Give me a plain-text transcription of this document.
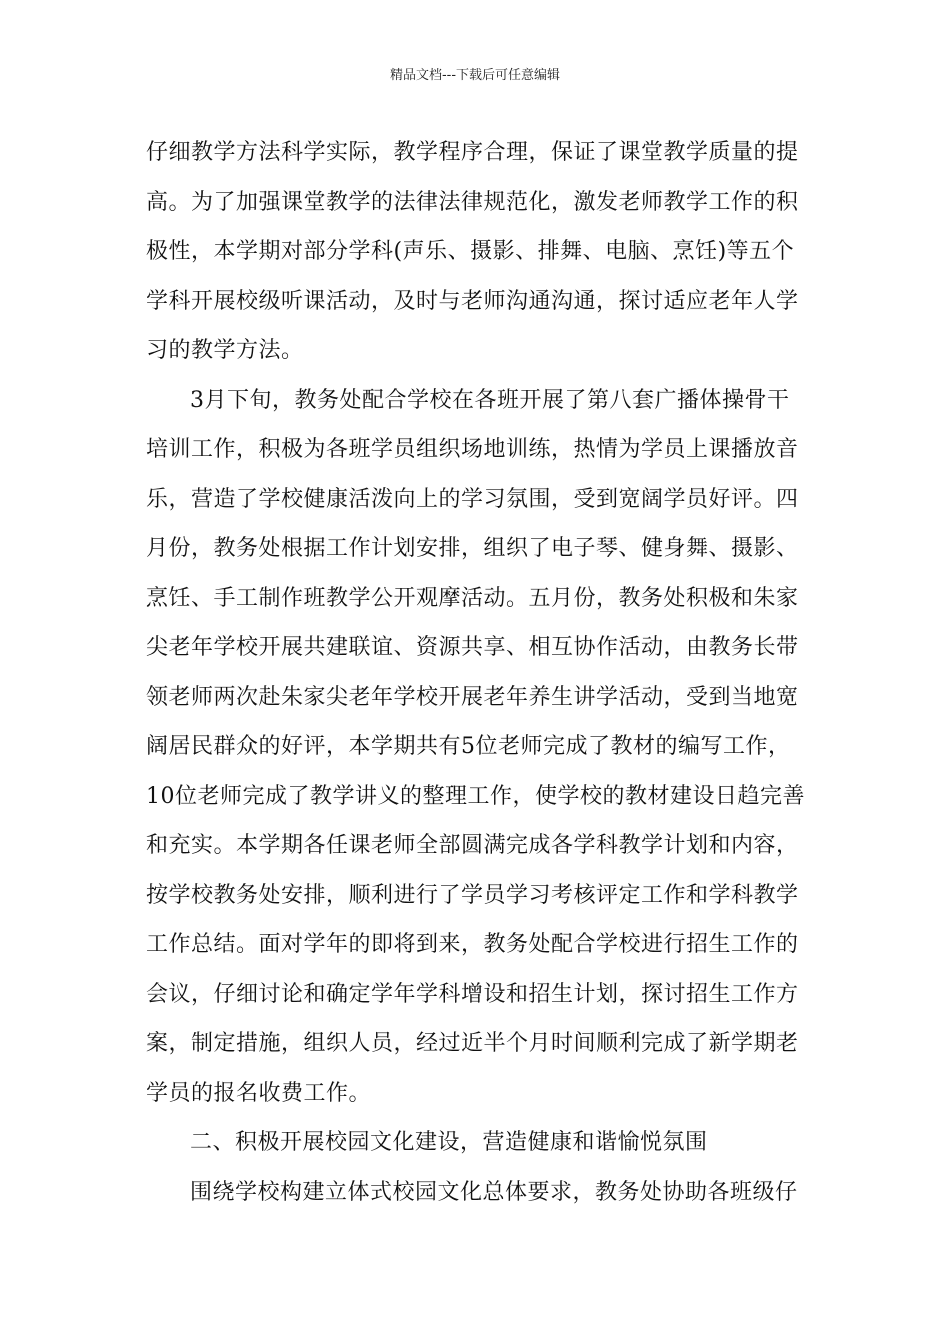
精品文档---下载后可任意编辑
仔细教学方法科学实际，教学程序合理，保证了课堂教学质量的提
高。为了加强课堂教学的法律法律规范化，激发老师教学工作的积
极性，本学期对部分学科(声乐、摄影、排舞、电脑、烹饪)等五个
学科开展校级听课活动，及时与老师沟通沟通，探讨适应老年人学
习的教学方法。
3月下旬，教务处配合学校在各班开展了第八套广播体操骨干
培训工作，积极为各班学员组织场地训练，热情为学员上课播放音
乐，营造了学校健康活泼向上的学习氛围，受到宽阔学员好评。四
月份，教务处根据工作计划安排，组织了电子琴、健身舞、摄影、
烹饪、手工制作班教学公开观摩活动。五月份，教务处积极和朱家
尖老年学校开展共建联谊、资源共享、相互协作活动，由教务长带
领老师两次赴朱家尖老年学校开展老年养生讲学活动，受到当地宽
阔居民群众的好评，本学期共有5位老师完成了教材的编写工作，
10位老师完成了教学讲义的整理工作，使学校的教材建设日趋完善
和充实。本学期各任课老师全部圆满完成各学科教学计划和内容，
按学校教务处安排，顺利进行了学员学习考核评定工作和学科教学
工作总结。面对学年的即将到来，教务处配合学校进行招生工作的
会议，仔细讨论和确定学年学科增设和招生计划，探讨招生工作方
案，制定措施，组织人员，经过近半个月时间顺利完成了新学期老
学员的报名收费工作。
二、积极开展校园文化建设，营造健康和谐愉悦氛围
围绕学校构建立体式校园文化总体要求，教务处协助各班级仔
